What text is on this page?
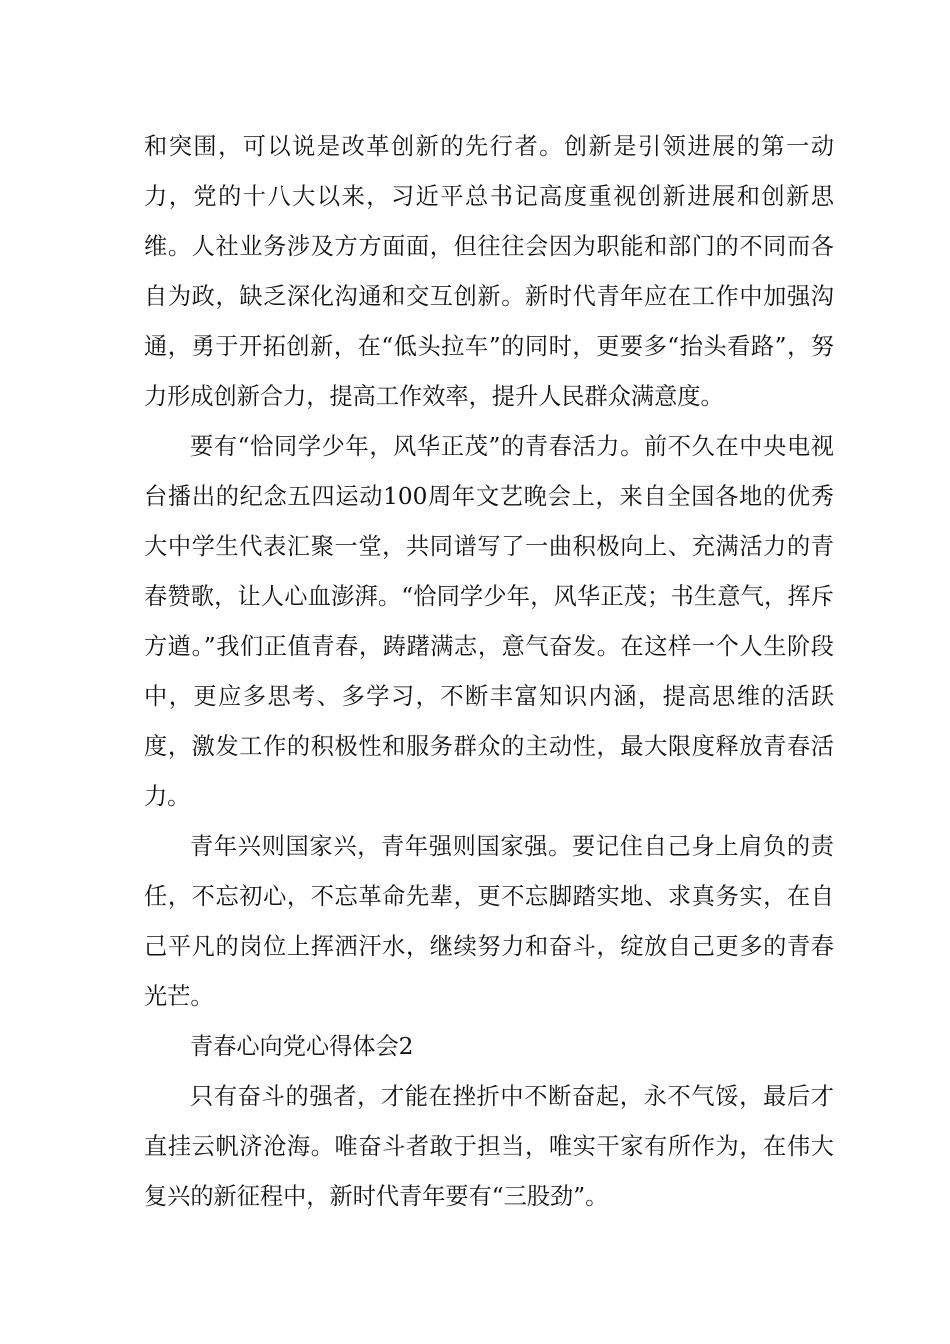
和突围，可以说是改革创新的先行者。创新是引领进展的第一动力，党的十八大以来，习近平总书记高度重视创新进展和创新思维。人社业务涉及方方面面，但往往会因为职能和部门的不同而各自为政，缺乏深化沟通和交互创新。新时代青年应在工作中加强沟通，勇于开拓创新，在“低头拉车”的同时，更要多“抬头看路”，努力形成创新合力，提高工作效率，提升人民群众满意度。

要有“恰同学少年，风华正茂”的青春活力。前不久在中央电视台播出的纪念五四运动100周年文艺晚会上，来自全国各地的优秀大中学生代表汇聚一堂，共同谱写了一曲积极向上、充满活力的青春赞歌，让人心血澎湃。“恰同学少年，风华正茂；书生意气，挥斥方遒。”我们正值青春，踌躇满志，意气奋发。在这样一个人生阶段中，更应多思考、多学习，不断丰富知识内涵，提高思维的活跃度，激发工作的积极性和服务群众的主动性，最大限度释放青春活力。

青年兴则国家兴，青年强则国家强。要记住自己身上肩负的责任，不忘初心，不忘革命先辈，更不忘脚踏实地、求真务实，在自己平凡的岗位上挥洒汗水，继续努力和奋斗，绽放自己更多的青春光芒。

青春心向党心得体会2

只有奋斗的强者，才能在挫折中不断奋起，永不气馁，最后才直挂云帆济沧海。唯奋斗者敢于担当，唯实干家有所作为，在伟大复兴的新征程中，新时代青年要有“三股劲”。
